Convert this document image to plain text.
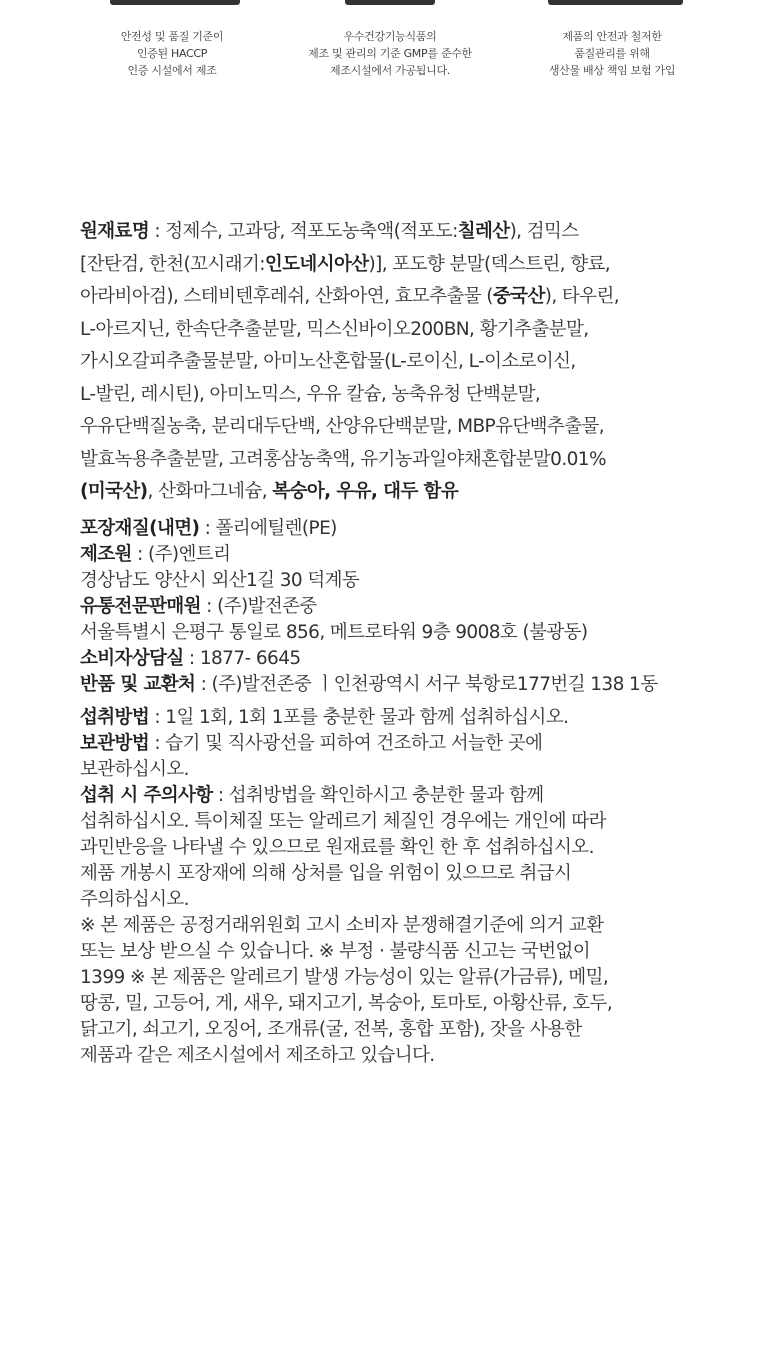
안전성 및 품질 기준이
인증된 HACCP
인증 시설에서 제조
우수건강기능식품의
제조 및 관리의 기준 GMP를 준수한
제조시설에서 가공됩니다.
제품의 안전과 철저한
품질관리를 위해
생산물 배상 책임 보험 가입
원재료명 : 정제수, 고과당, 적포도농축액(적포도:칠레산), 검믹스
[잔탄검, 한천(꼬시래기:인도네시아산)], 포도향 분말(덱스트린, 향료,
아라비아검), 스테비텐후레쉬, 산화아연, 효모추출물 (중국산), 타우린,
L-아르지닌, 한속단추출분말, 믹스신바이오200BN, 황기추출분말,
가시오갈피추출물분말, 아미노산혼합물(L-로이신, L-이소로이신,
L-발린, 레시틴), 아미노믹스, 우유 칼슘, 농축유청 단백분말,
우유단백질농축, 분리대두단백, 산양유단백분말, MBP유단백추출물,
발효녹용추출분말, 고려홍삼농축액, 유기농과일야채혼합분말0.01%
(미국산), 산화마그네슘, 복숭아, 우유, 대두 함유
포장재질(내면) : 폴리에틸렌(PE)
제조원 : (주)엔트리
경상남도 양산시 외산1길 30 덕계동
유통전문판매원 : (주)발전존중
서울특별시 은평구 통일로 856, 메트로타워 9층 9008호 (불광동)
소비자상담실 : 1877- 6645
반품 및 교환처 : (주)발전존중 ㅣ인천광역시 서구 북항로177번길 138 1동
섭취방법 : 1일 1회, 1회 1포를 충분한 물과 함께 섭취하십시오.
보관방법 : 습기 및 직사광선을 피하여 건조하고 서늘한 곳에
보관하십시오.
섭취 시 주의사항 : 섭취방법을 확인하시고 충분한 물과 함께
섭취하십시오. 특이체질 또는 알레르기 체질인 경우에는 개인에 따라
과민반응을 나타낼 수 있으므로 원재료를 확인 한 후 섭취하십시오.
제품 개봉시 포장재에 의해 상처를 입을 위험이 있으므로 취급시
주의하십시오.
※ 본 제품은 공정거래위원회 고시 소비자 분쟁해결기준에 의거 교환
또는 보상 받으실 수 있습니다. ※ 부정 · 불량식품 신고는 국번없이
1399 ※ 본 제품은 알레르기 발생 가능성이 있는 알류(가금류), 메밀,
땅콩, 밀, 고등어, 게, 새우, 돼지고기, 복숭아, 토마토, 아황산류, 호두,
닭고기, 쇠고기, 오징어, 조개류(굴, 전복, 홍합 포함), 잣을 사용한
제품과 같은 제조시설에서 제조하고 있습니다.
